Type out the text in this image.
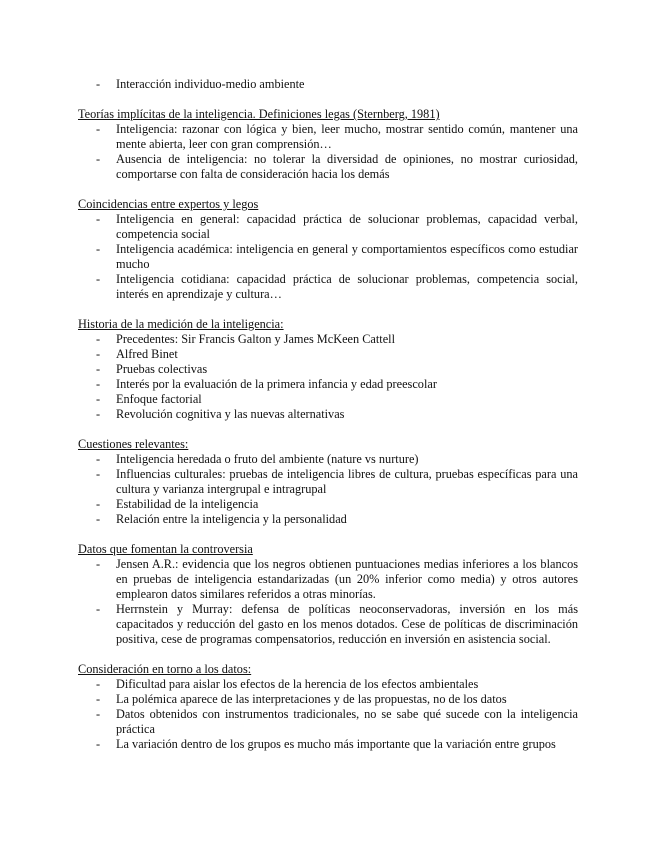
- Interacción individuo-medio ambiente
Teorías implícitas de la inteligencia. Definiciones legas (Sternberg, 1981)
- Inteligencia: razonar con lógica y bien, leer mucho, mostrar sentido común, mantener una mente abierta, leer con gran comprensión…
- Ausencia de inteligencia: no tolerar la diversidad de opiniones, no mostrar curiosidad, comportarse con falta de consideración hacia los demás
Coincidencias entre expertos y legos
- Inteligencia en general: capacidad práctica de solucionar problemas, capacidad verbal, competencia social
- Inteligencia académica: inteligencia en general y comportamientos específicos como estudiar mucho
- Inteligencia cotidiana: capacidad práctica de solucionar problemas, competencia social, interés en aprendizaje y cultura…
Historia de la medición de la inteligencia:
- Precedentes: Sir Francis Galton y James McKeen Cattell
- Alfred Binet
- Pruebas colectivas
- Interés por la evaluación de la primera infancia y edad preescolar
- Enfoque factorial
- Revolución cognitiva y las nuevas alternativas
Cuestiones relevantes:
- Inteligencia heredada o fruto del ambiente (nature vs nurture)
- Influencias culturales: pruebas de inteligencia libres de cultura, pruebas específicas para una cultura y varianza intergrupal e intragrupal
- Estabilidad de la inteligencia
- Relación entre la inteligencia y la personalidad
Datos que fomentan la controversia
- Jensen A.R.: evidencia que los negros obtienen puntuaciones medias inferiores a los blancos en pruebas de inteligencia estandarizadas (un 20% inferior como media) y otros autores emplearon datos similares referidos a otras minorías.
- Herrnstein y Murray: defensa de políticas neoconservadoras, inversión en los más capacitados y reducción del gasto en los menos dotados. Cese de políticas de discriminación positiva, cese de programas compensatorios, reducción en inversión en asistencia social.
Consideración en torno a los datos:
- Dificultad para aislar los efectos de la herencia de los efectos ambientales
- La polémica aparece de las interpretaciones y de las propuestas, no de los datos
- Datos obtenidos con instrumentos tradicionales, no se sabe qué sucede con la inteligencia práctica
- La variación dentro de los grupos es mucho más importante que la variación entre grupos
